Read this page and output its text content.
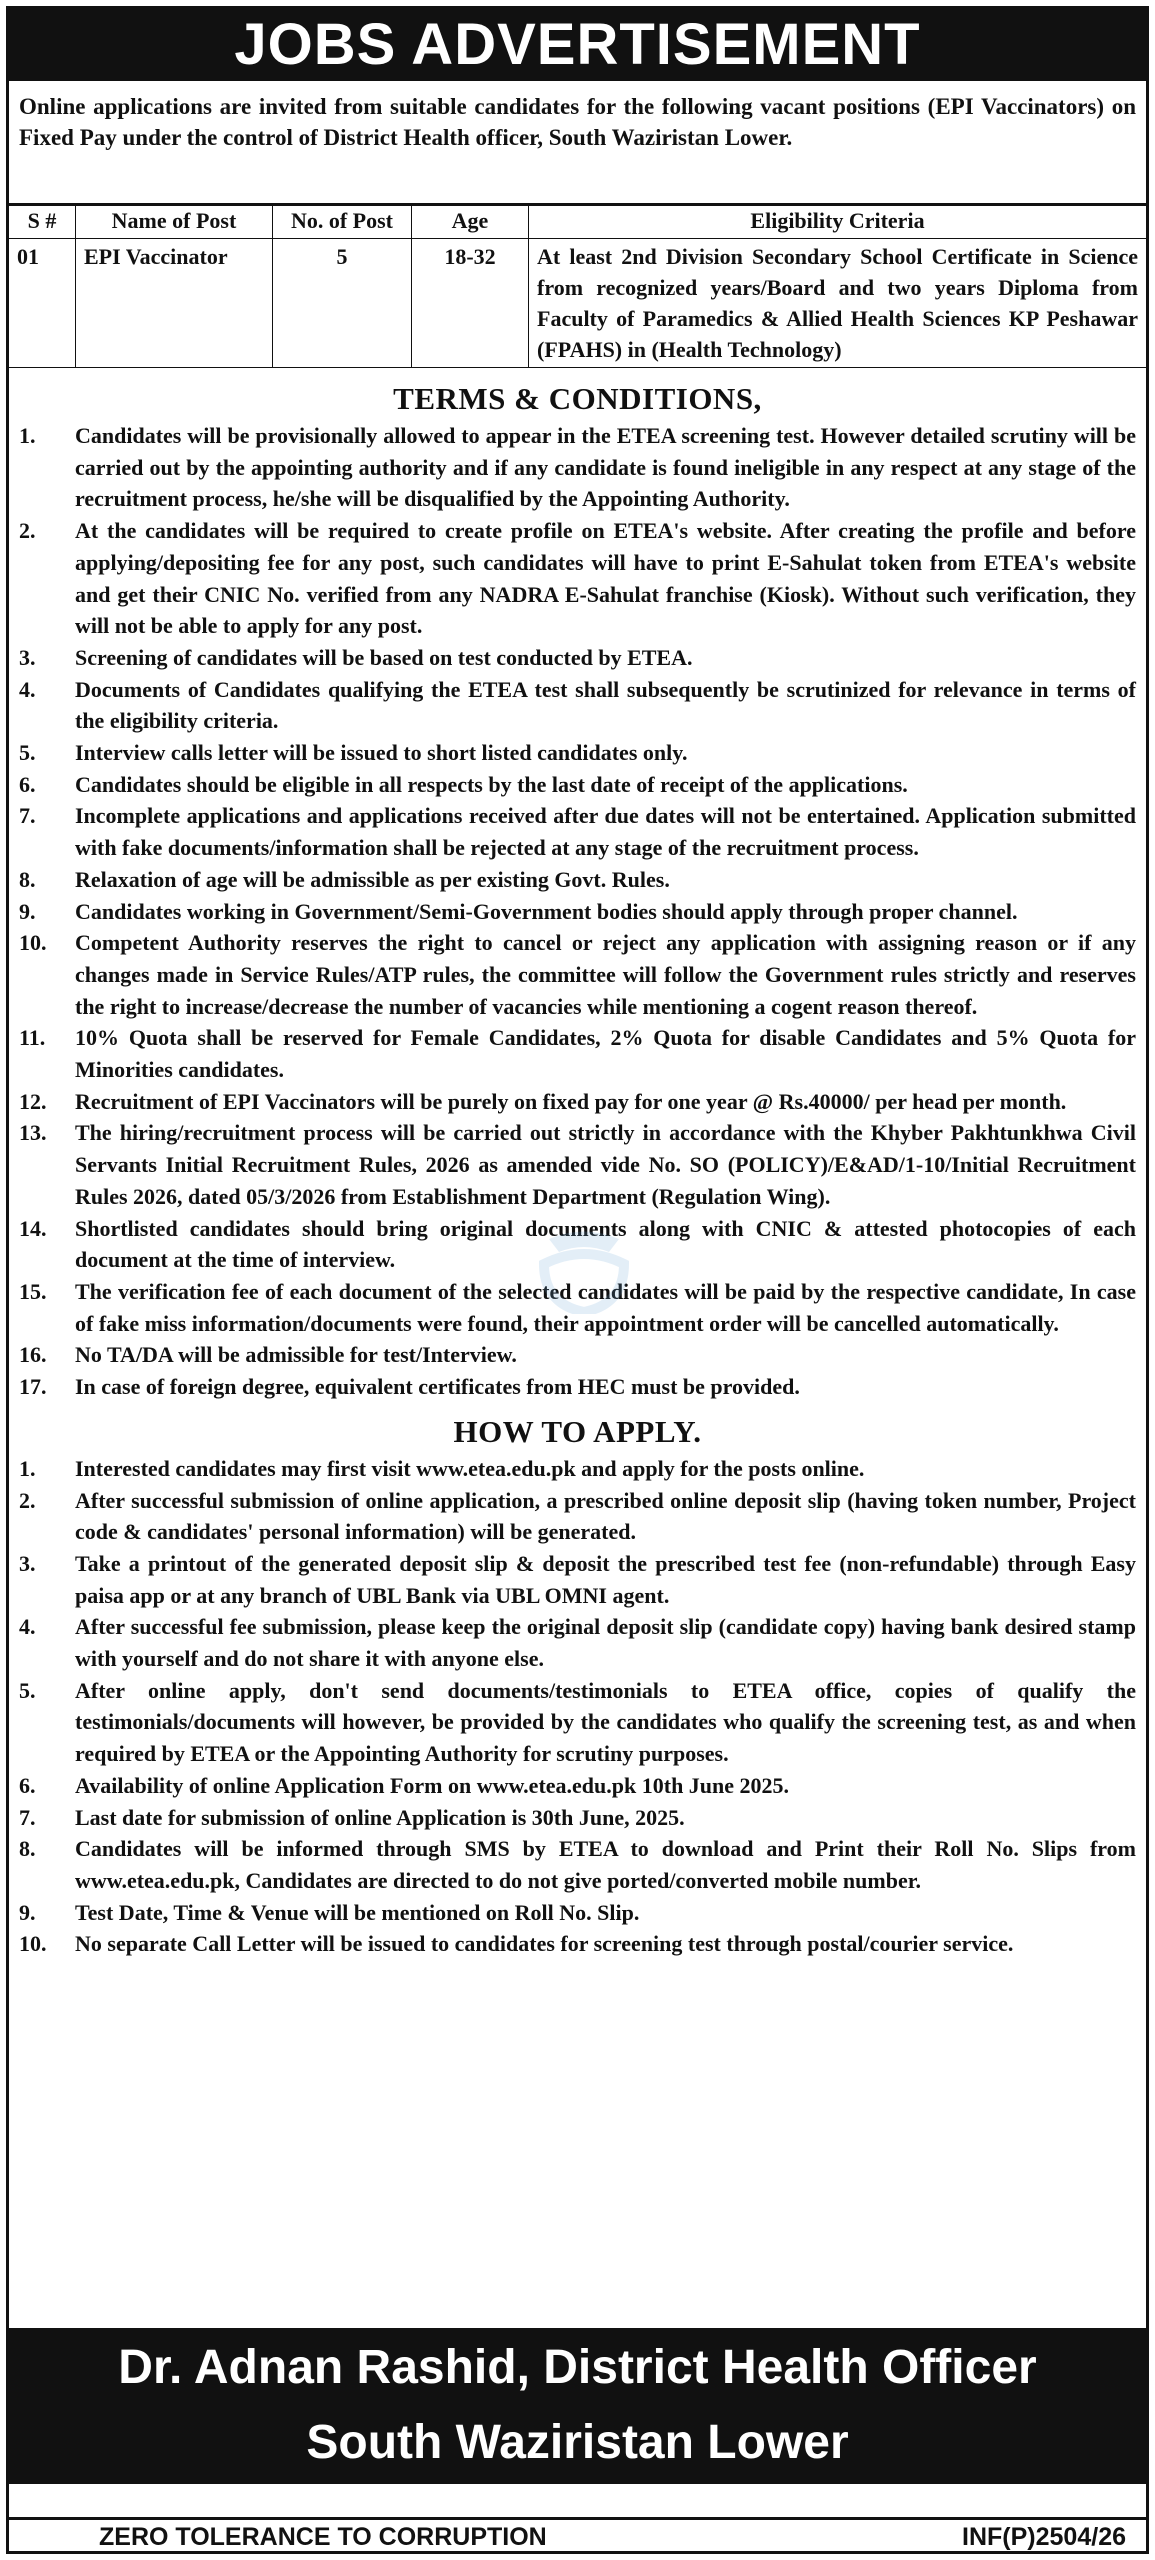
JOBS ADVERTISEMENT
Online applications are invited from suitable candidates for the following vacant positions (EPI Vaccinators) on Fixed Pay under the control of District Health officer, South Waziristan Lower.
S #	Name of Post	No. of Post	Age	Eligibility Criteria
01	EPI Vaccinator	5	18-32	At least 2nd Division Secondary School Certificate in Science from recognized years/Board and two years Diploma from Faculty of Paramedics & Allied Health Sciences KP Peshawar (FPAHS) in (Health Technology)
TERMS & CONDITIONS,
1.	Candidates will be provisionally allowed to appear in the ETEA screening test. However detailed scrutiny will be carried out by the appointing authority and if any candidate is found ineligible in any respect at any stage of the recruitment process, he/she will be disqualified by the Appointing Authority.
2.	At the candidates will be required to create profile on ETEA's website. After creating the profile and before applying/depositing fee for any post, such candidates will have to print E-Sahulat token from ETEA's website and get their CNIC No. verified from any NADRA E-Sahulat franchise (Kiosk). Without such verification, they will not be able to apply for any post.
3.	Screening of candidates will be based on test conducted by ETEA.
4.	Documents of Candidates qualifying the ETEA test shall subsequently be scrutinized for relevance in terms of the eligibility criteria.
5.	Interview calls letter will be issued to short listed candidates only.
6.	Candidates should be eligible in all respects by the last date of receipt of the applications.
7.	Incomplete applications and applications received after due dates will not be entertained. Application submitted with fake documents/information shall be rejected at any stage of the recruitment process.
8.	Relaxation of age will be admissible as per existing Govt. Rules.
9.	Candidates working in Government/Semi-Government bodies should apply through proper channel.
10.	Competent Authority reserves the right to cancel or reject any application with assigning reason or if any changes made in Service Rules/ATP rules, the committee will follow the Government rules strictly and reserves the right to increase/decrease the number of vacancies while mentioning a cogent reason thereof.
11.	10% Quota shall be reserved for Female Candidates, 2% Quota for disable Candidates and 5% Quota for Minorities candidates.
12.	Recruitment of EPI Vaccinators will be purely on fixed pay for one year @ Rs.40000/ per head per month.
13.	The hiring/recruitment process will be carried out strictly in accordance with the Khyber Pakhtunkhwa Civil Servants Initial Recruitment Rules, 2026 as amended vide No. SO (POLICY)/E&AD/1-10/Initial Recruitment Rules 2026, dated 05/3/2026 from Establishment Department (Regulation Wing).
14.	Shortlisted candidates should bring original documents along with CNIC & attested photocopies of each document at the time of interview.
15.	The verification fee of each document of the selected candidates will be paid by the respective candidate, In case of fake miss information/documents were found, their appointment order will be cancelled automatically.
16.	No TA/DA will be admissible for test/Interview.
17.	In case of foreign degree, equivalent certificates from HEC must be provided.
HOW TO APPLY.
1.	Interested candidates may first visit www.etea.edu.pk and apply for the posts online.
2.	After successful submission of online application, a prescribed online deposit slip (having token number, Project code & candidates' personal information) will be generated.
3.	Take a printout of the generated deposit slip & deposit the prescribed test fee (non-refundable) through Easy paisa app or at any branch of UBL Bank via UBL OMNI agent.
4.	After successful fee submission, please keep the original deposit slip (candidate copy) having bank desired stamp with yourself and do not share it with anyone else.
5.	After online apply, don't send documents/testimonials to ETEA office, copies of qualify the testimonials/documents will however, be provided by the candidates who qualify the screening test, as and when required by ETEA or the Appointing Authority for scrutiny purposes.
6.	Availability of online Application Form on www.etea.edu.pk 10th June 2025.
7.	Last date for submission of online Application is 30th June, 2025.
8.	Candidates will be informed through SMS by ETEA to download and Print their Roll No. Slips from www.etea.edu.pk, Candidates are directed to do not give ported/converted mobile number.
9.	Test Date, Time & Venue will be mentioned on Roll No. Slip.
10.	No separate Call Letter will be issued to candidates for screening test through postal/courier service.
Dr. Adnan Rashid, District Health Officer
South Waziristan Lower
ZERO TOLERANCE TO CORRUPTION	INF(P)2504/26
